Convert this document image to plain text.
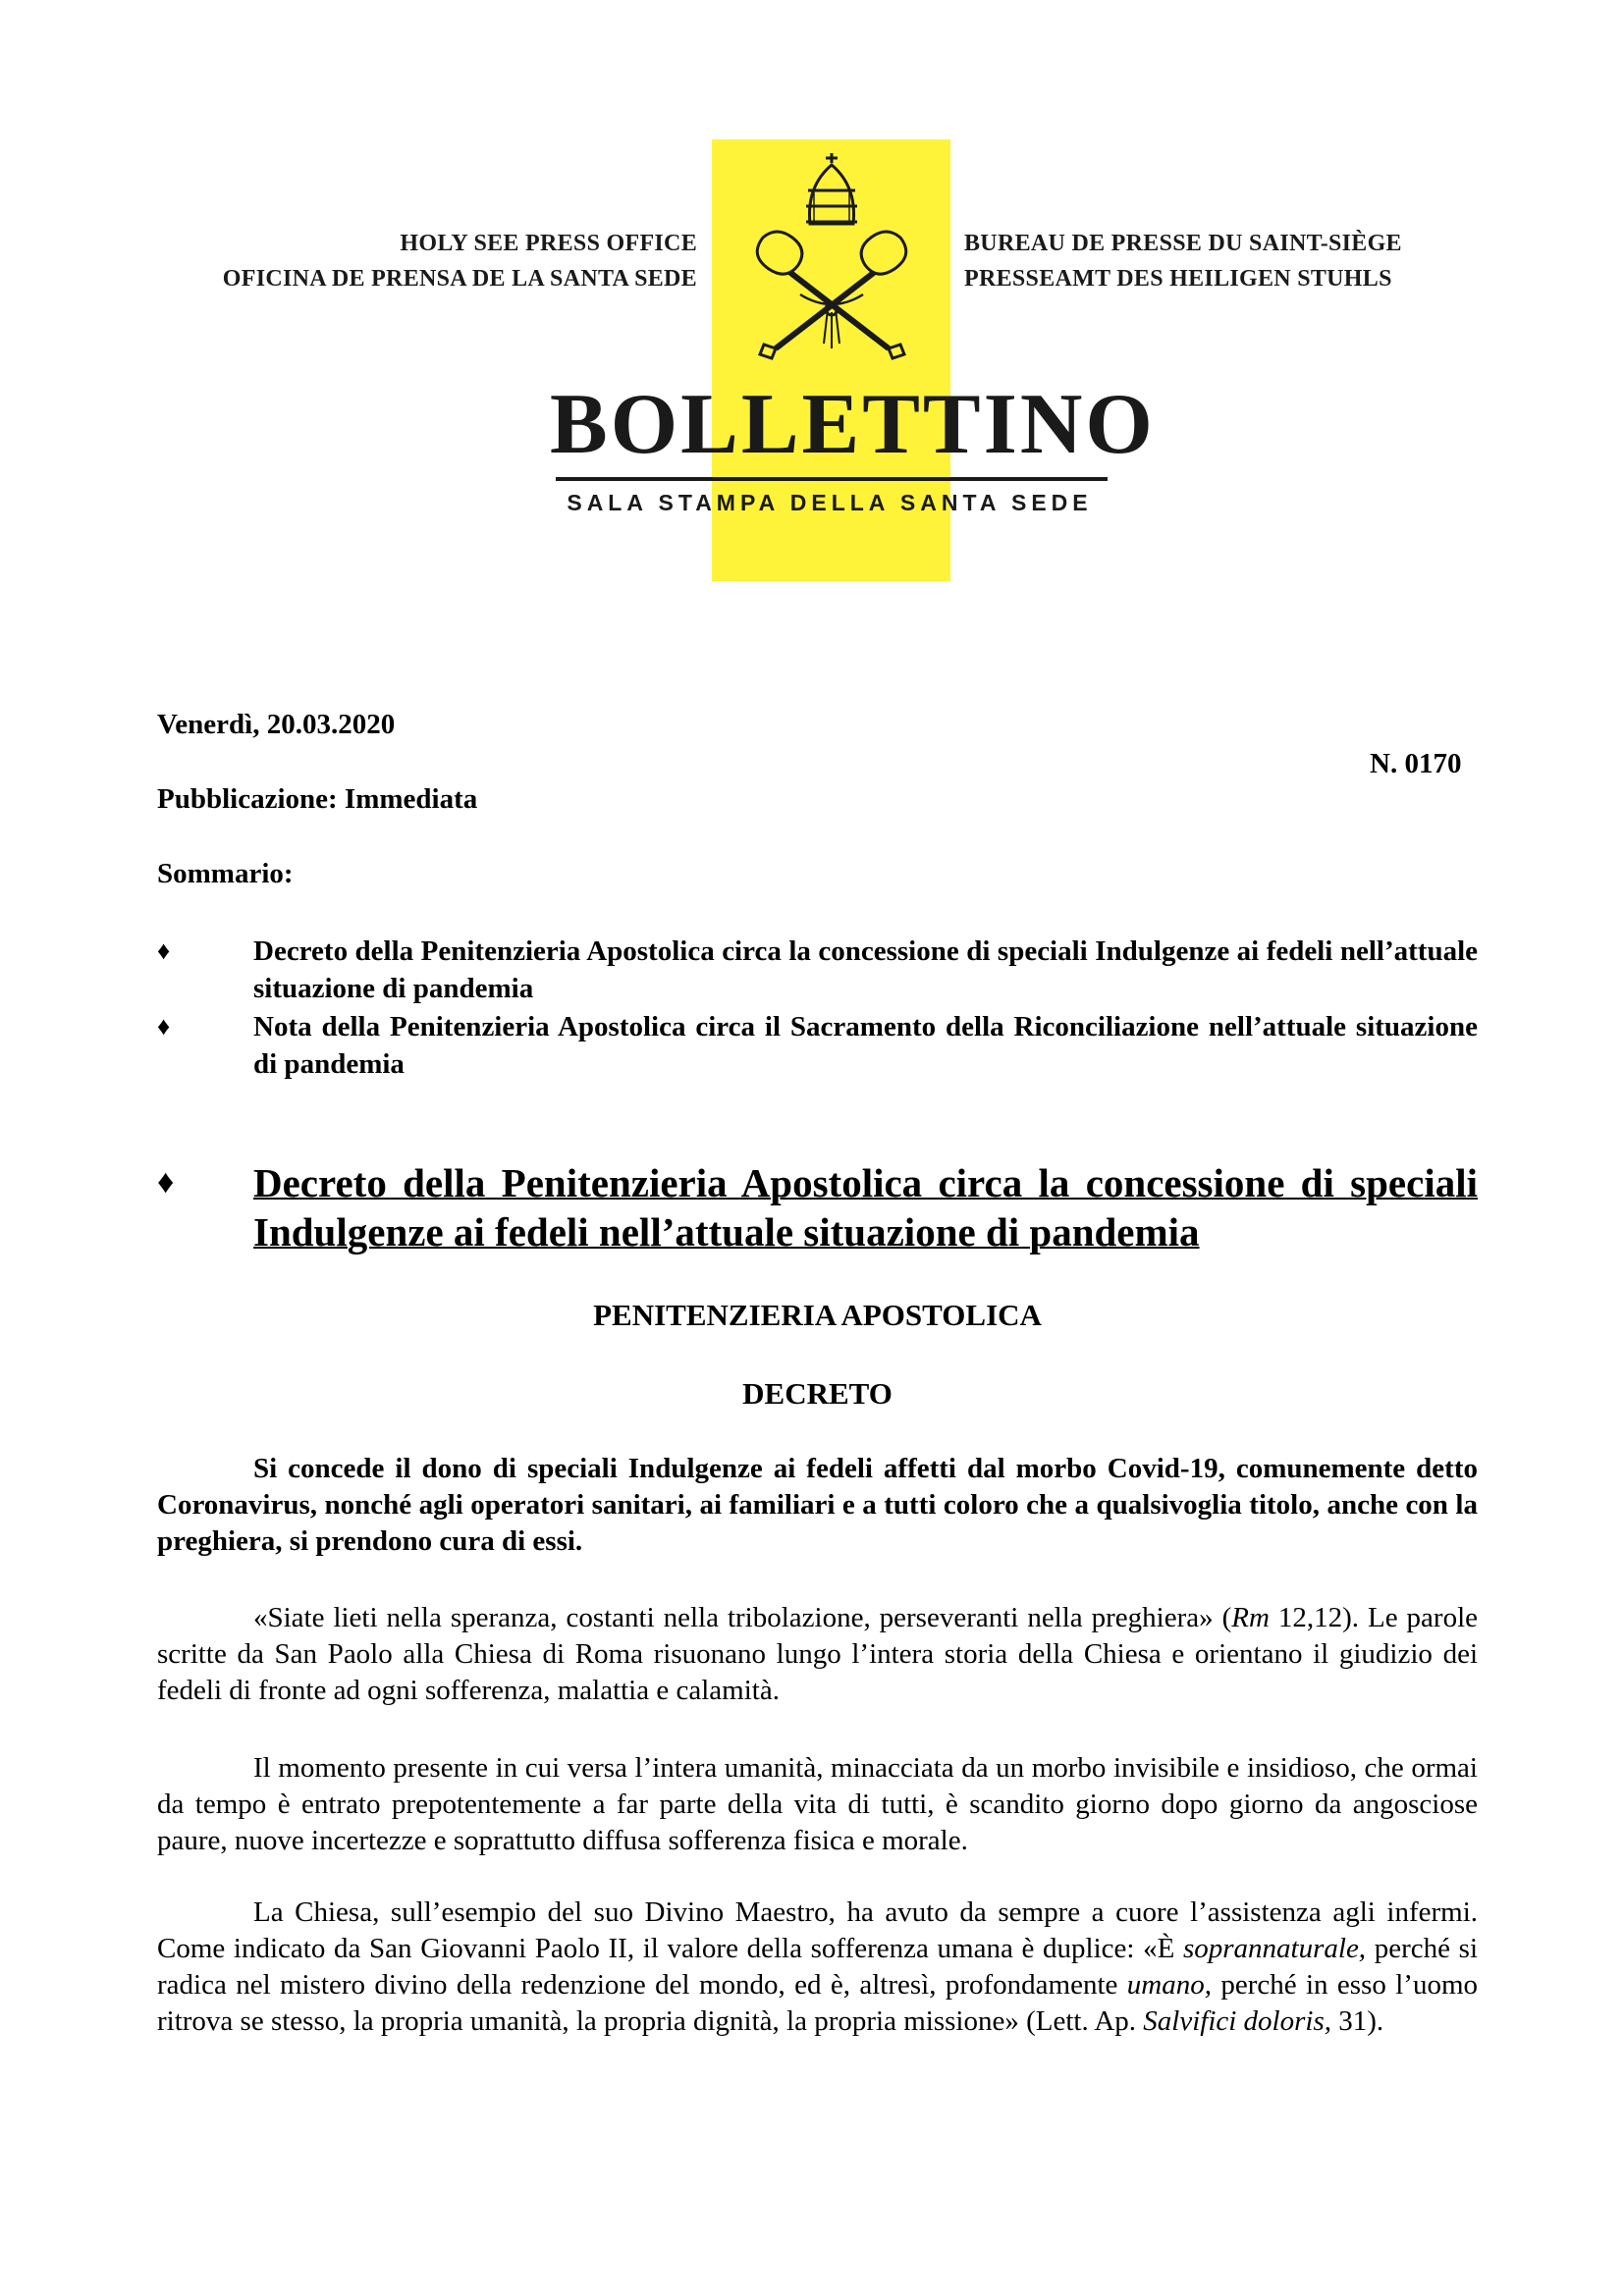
HOLY SEE PRESS OFFICE
OFICINA DE PRENSA DE LA SANTA SEDE
BUREAU DE PRESSE DU SAINT-SIÈGE
PRESSEAMT DES HEILIGEN STUHLS
BOLLETTINO
SALA STAMPA DELLA SANTA SEDE
Venerdì, 20.03.2020
N. 0170
Pubblicazione: Immediata
Sommario:
♦	Decreto della Penitenzieria Apostolica circa la concessione di speciali Indulgenze ai fedeli nell’attuale situazione di pandemia
♦	Nota della Penitenzieria Apostolica circa il Sacramento della Riconciliazione nell’attuale situazione di pandemia
♦	Decreto della Penitenzieria Apostolica circa la concessione di speciali Indulgenze ai fedeli nell’attuale situazione di pandemia
PENITENZIERIA APOSTOLICA
DECRETO
Si concede il dono di speciali Indulgenze ai fedeli affetti dal morbo Covid-19, comunemente detto Coronavirus, nonché agli operatori sanitari, ai familiari e a tutti coloro che a qualsivoglia titolo, anche con la preghiera, si prendono cura di essi.
«Siate lieti nella speranza, costanti nella tribolazione, perseveranti nella preghiera» (Rm 12,12). Le parole scritte da San Paolo alla Chiesa di Roma risuonano lungo l’intera storia della Chiesa e orientano il giudizio dei fedeli di fronte ad ogni sofferenza, malattia e calamità.
Il momento presente in cui versa l’intera umanità, minacciata da un morbo invisibile e insidioso, che ormai da tempo è entrato prepotentemente a far parte della vita di tutti, è scandito giorno dopo giorno da angosciose paure, nuove incertezze e soprattutto diffusa sofferenza fisica e morale.
La Chiesa, sull’esempio del suo Divino Maestro, ha avuto da sempre a cuore l’assistenza agli infermi. Come indicato da San Giovanni Paolo II, il valore della sofferenza umana è duplice: «È soprannaturale, perché si radica nel mistero divino della redenzione del mondo, ed è, altresì, profondamente umano, perché in esso l’uomo ritrova se stesso, la propria umanità, la propria dignità, la propria missione» (Lett. Ap. Salvifici doloris, 31).
